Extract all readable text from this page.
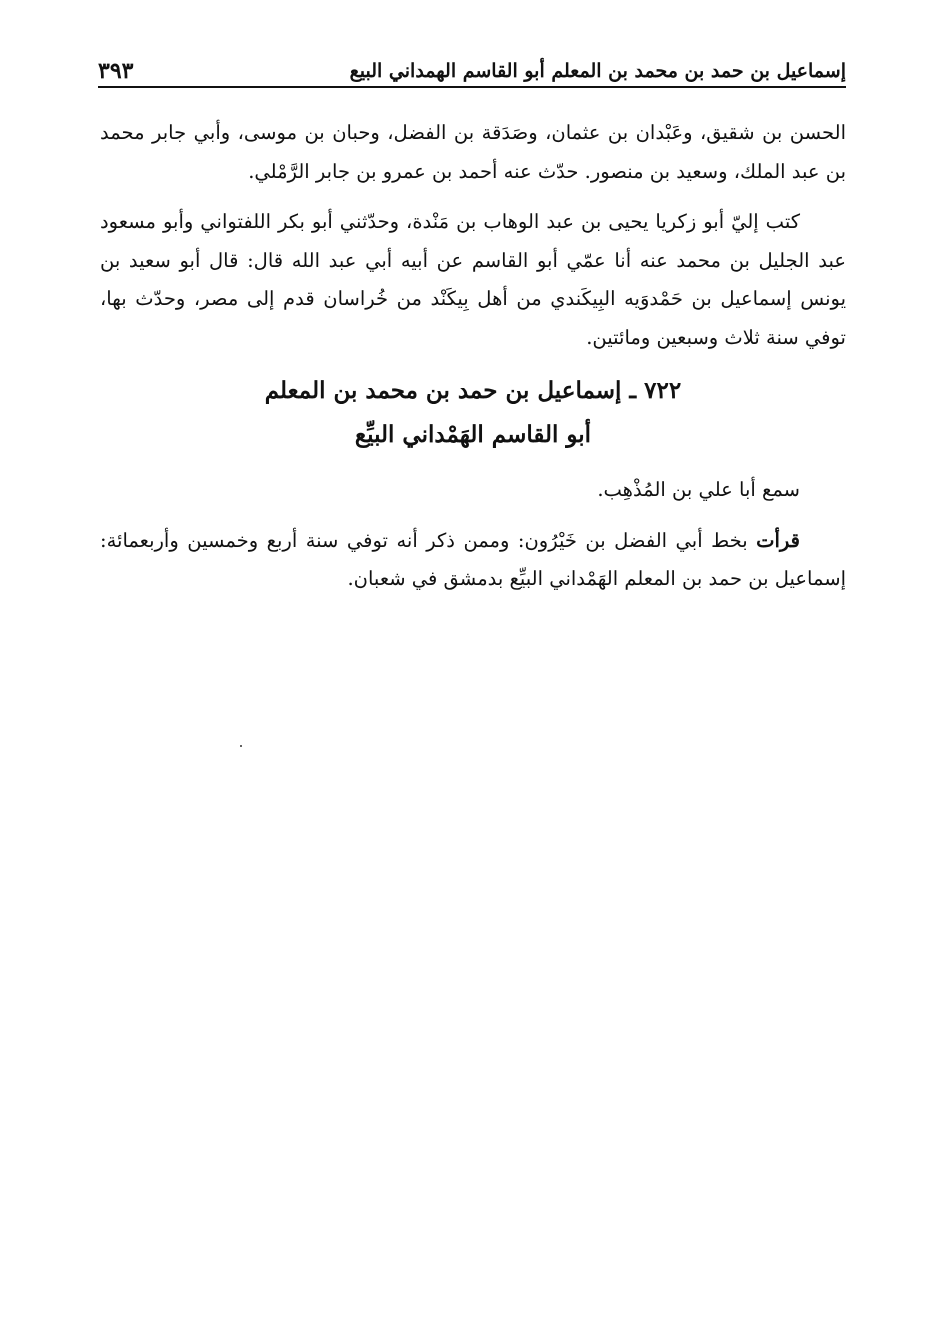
إسماعيل بن حمد بن محمد بن المعلم أبو القاسم الهمداني البيع
٣٩٣

الحسن بن شقيق، وعَبْدان بن عثمان، وصَدَقة بن الفضل، وحبان بن موسى، وأبي جابر محمد بن عبد الملك، وسعيد بن منصور. حدّث عنه أحمد بن عمرو بن جابر الرَّمْلي.

كتب إليّ أبو زكريا يحيى بن عبد الوهاب بن مَنْدة، وحدّثني أبو بكر اللفتواني وأبو مسعود عبد الجليل بن محمد عنه أنا عمّي أبو القاسم عن أبيه أبي عبد الله قال: قال أبو سعيد بن يونس إسماعيل بن حَمْدوَيه البِيكَندي من أهل بِيكَنْد من خُراسان قدم إلى مصر، وحدّث بها، توفي سنة ثلاث وسبعين ومائتين.

٧٢٢ ـ إسماعيل بن حمد بن محمد بن المعلم

أبو القاسم الهَمْداني البيِّع

سمع أبا علي بن المُذْهِب.

قرأت بخط أبي الفضل بن خَيْرُون: وممن ذكر أنه توفي سنة أربع وخمسين وأربعمائة: إسماعيل بن حمد بن المعلم الهَمْداني البيِّع بدمشق في شعبان.
